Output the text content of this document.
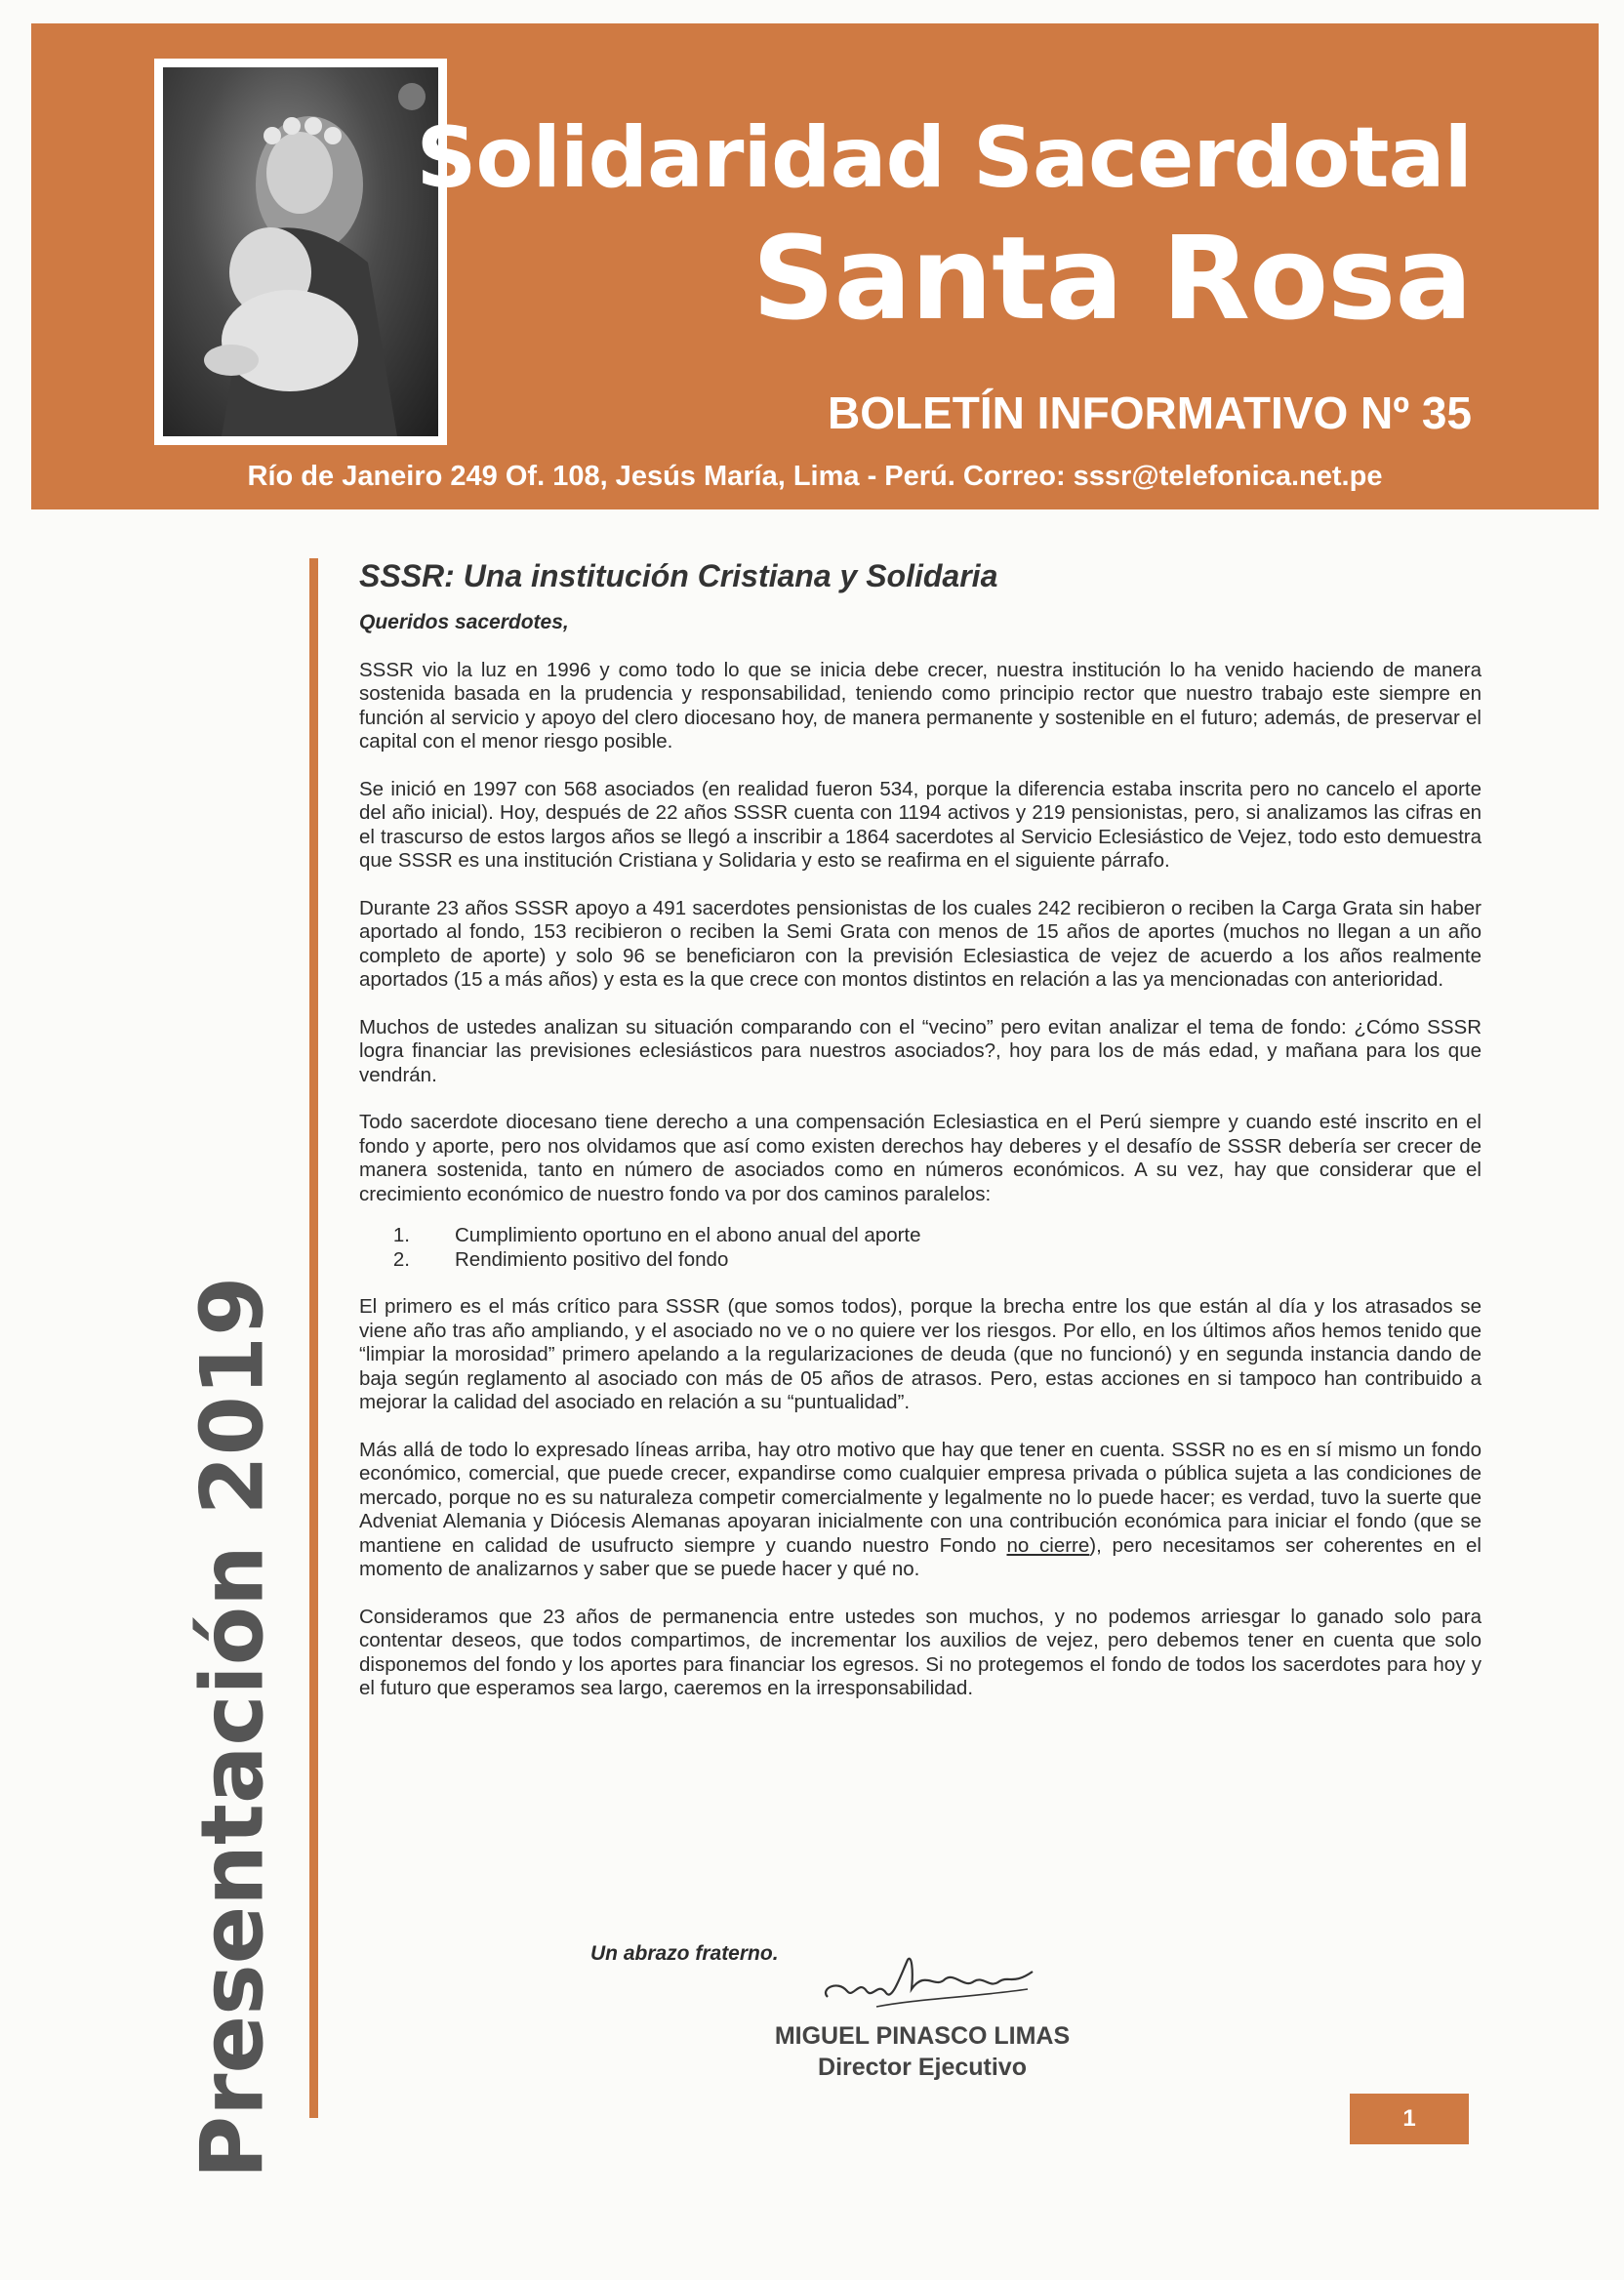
Solidaridad Sacerdotal
Santa Rosa
BOLETÍN INFORMATIVO Nº 35
Río de Janeiro 249 Of. 108, Jesús María, Lima - Perú. Correo: sssr@telefonica.net.pe
Presentación 2019
SSSR: Una institución Cristiana y Solidaria
Queridos sacerdotes,

SSSR vio la luz en 1996 y como todo lo que se inicia debe crecer, nuestra institución lo ha venido haciendo de manera sostenida basada en la prudencia y responsabilidad, teniendo como principio rector que nuestro trabajo este siempre en función al servicio y apoyo del clero diocesano hoy, de manera permanente y sostenible en el futuro; además, de preservar el capital con el menor riesgo posible.

Se inició en 1997 con 568 asociados (en realidad fueron 534, porque la diferencia estaba inscrita pero no cancelo el aporte del año inicial). Hoy, después de 22 años SSSR cuenta con 1194 activos y 219 pensionistas, pero, si analizamos las cifras en el trascurso de estos largos años se llegó a inscribir a 1864 sacerdotes al Servicio Eclesiástico de Vejez, todo esto demuestra que SSSR es una institución Cristiana y Solidaria y esto se reafirma en el siguiente párrafo.

Durante 23 años SSSR apoyo a 491 sacerdotes pensionistas de los cuales 242 recibieron o reciben la Carga Grata sin haber aportado al fondo, 153 recibieron o reciben la Semi Grata con menos de 15 años de aportes (muchos no llegan a un año completo de aporte) y solo 96 se beneficiaron con la previsión Eclesiastica de vejez de acuerdo a los años realmente aportados (15 a más años) y esta es la que crece con montos distintos en relación a las ya mencionadas con anterioridad.

Muchos de ustedes analizan su situación comparando con el “vecino” pero evitan analizar el tema de fondo: ¿Cómo SSSR logra financiar las previsiones eclesiásticos para nuestros asociados?, hoy para los de más edad, y mañana para los que vendrán.

Todo sacerdote diocesano tiene derecho a una compensación Eclesiastica en el Perú siempre y cuando esté inscrito en el fondo y aporte, pero nos olvidamos que así como existen derechos hay deberes y el desafío de SSSR debería ser crecer de manera sostenida, tanto en número de asociados como en números económicos. A su vez, hay que considerar que el crecimiento económico de nuestro fondo va por dos caminos paralelos:

1. Cumplimiento oportuno en el abono anual del aporte
2. Rendimiento positivo del fondo

El primero es el más crítico para SSSR (que somos todos), porque la brecha entre los que están al día y los atrasados se viene año tras año ampliando, y el asociado no ve o no quiere ver los riesgos. Por ello, en los últimos años hemos tenido que “limpiar la morosidad” primero apelando a la regularizaciones de deuda (que no funcionó) y en segunda instancia dando de baja según reglamento al asociado con más de 05 años de atrasos. Pero, estas acciones en si tampoco han contribuido a mejorar la calidad del asociado en relación a su “puntualidad”.

Más allá de todo lo expresado líneas arriba, hay otro motivo que hay que tener en cuenta. SSSR no es en sí mismo un fondo económico, comercial, que puede crecer, expandirse como cualquier empresa privada o pública sujeta a las condiciones de mercado, porque no es su naturaleza competir comercialmente y legalmente no lo puede hacer; es verdad, tuvo la suerte que Adveniat Alemania y Diócesis Alemanas apoyaran inicialmente con una contribución económica para iniciar el fondo (que se mantiene en calidad de usufructo siempre y cuando nuestro Fondo no cierre), pero necesitamos ser coherentes en el momento de analizarnos y saber que se puede hacer y qué no.

Consideramos que 23 años de permanencia entre ustedes son muchos, y no podemos arriesgar lo ganado solo para contentar deseos, que todos compartimos, de incrementar los auxilios de vejez, pero debemos tener en cuenta que solo disponemos del fondo y los aportes para financiar los egresos. Si no protegemos el fondo de todos los sacerdotes para hoy y el futuro que esperamos sea largo, caeremos en la irresponsabilidad.

Un abrazo fraterno.
MIGUEL PINASCO LIMAS
Director Ejecutivo
1
